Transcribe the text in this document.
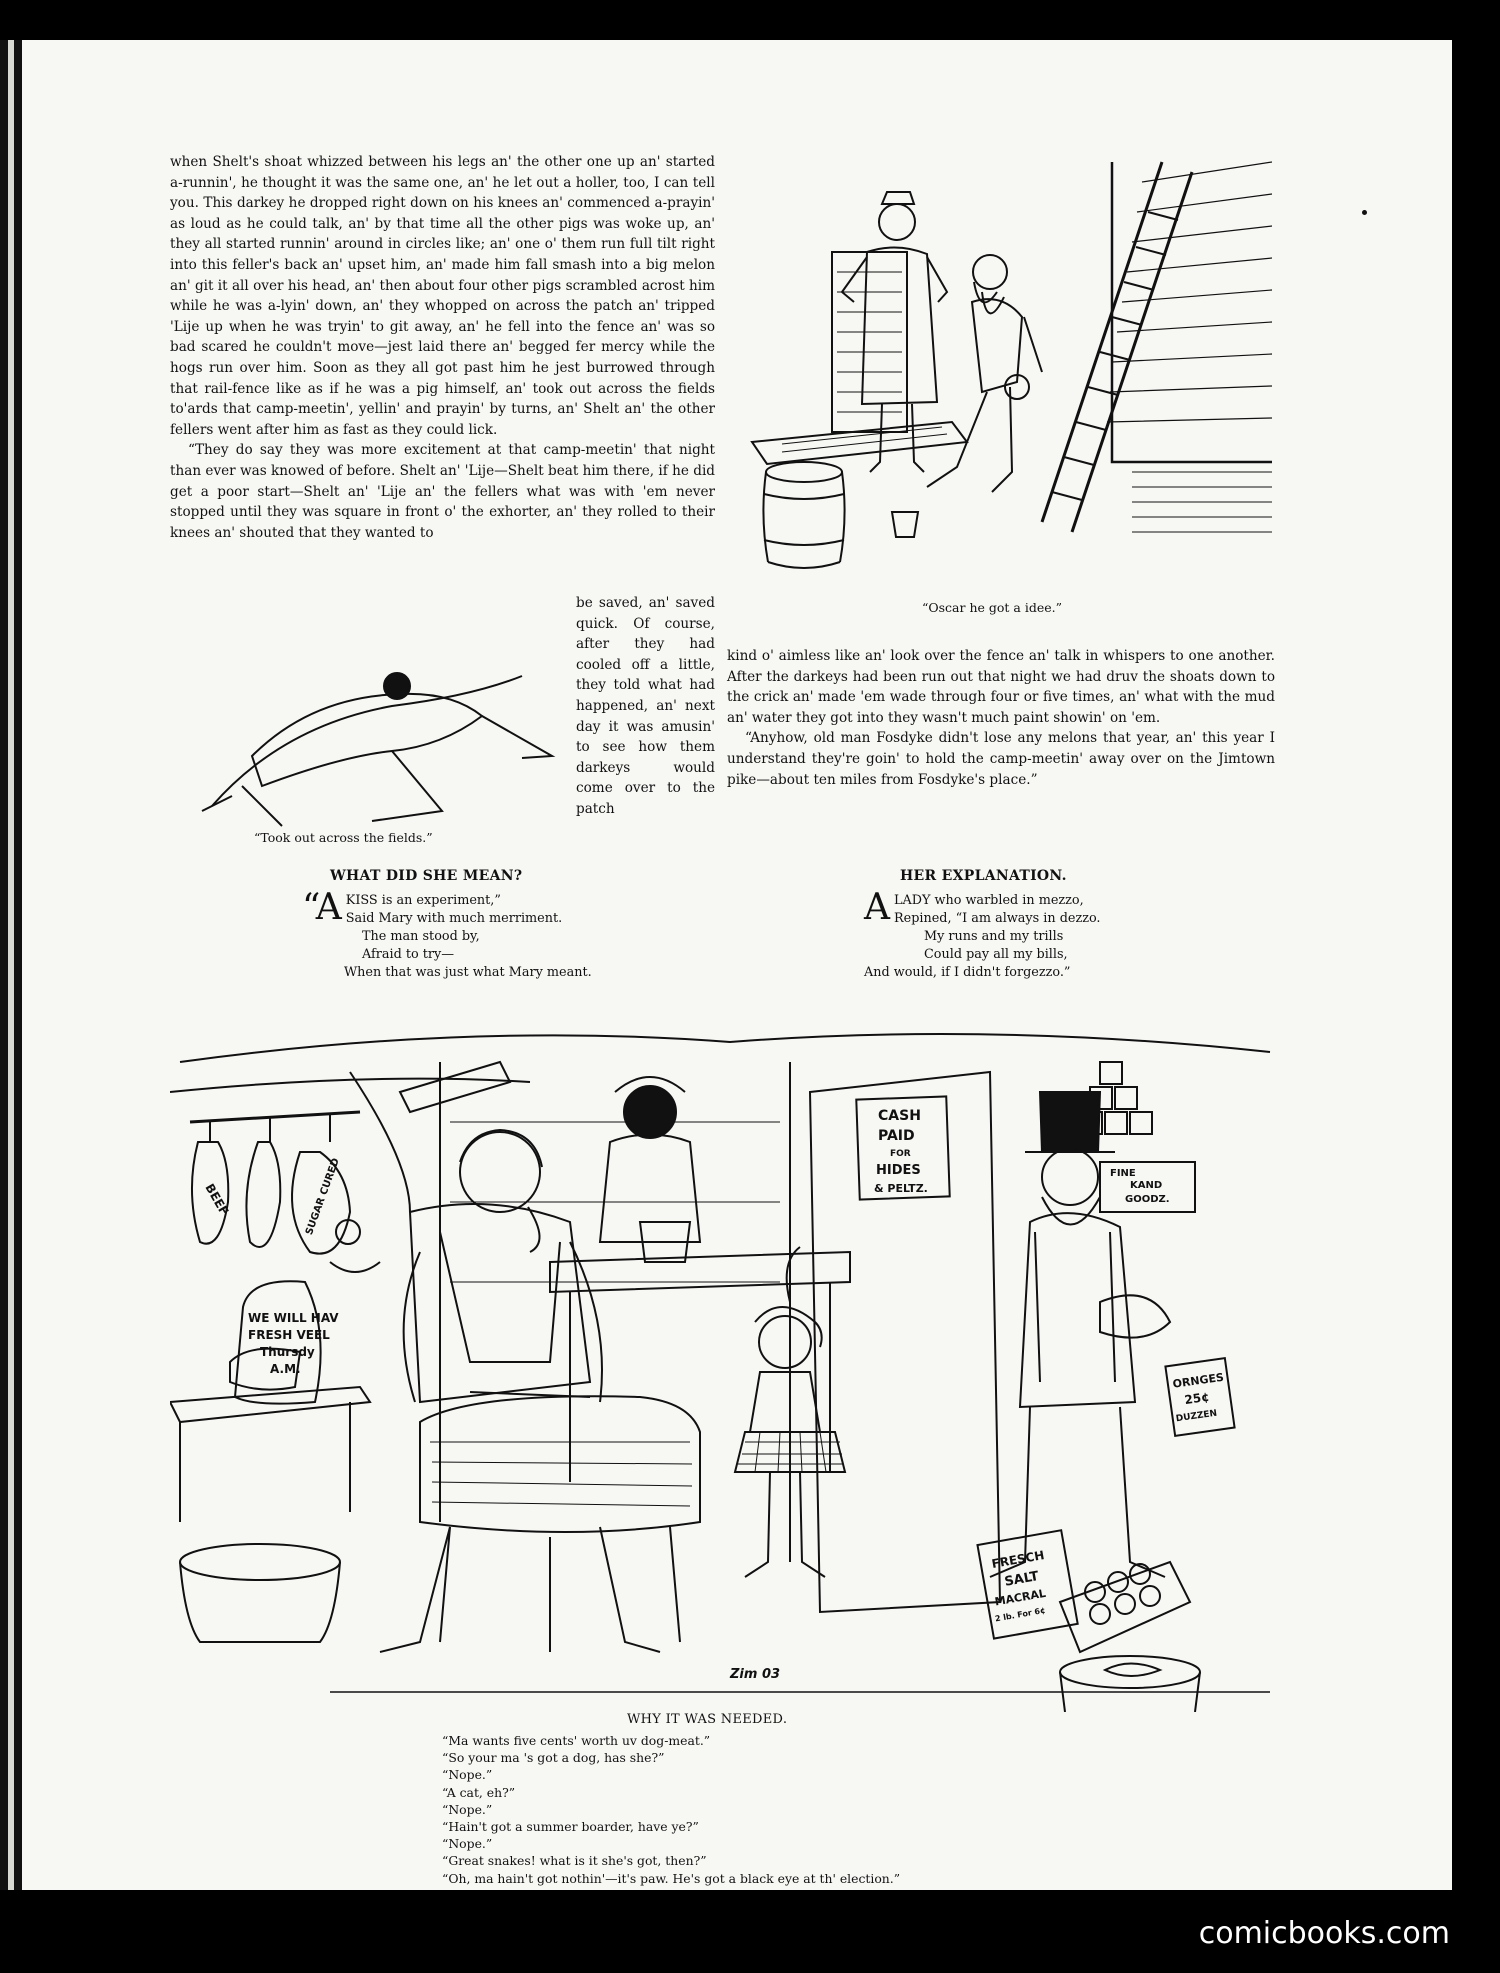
when Shelt's shoat whizzed between his legs an' the other one up an' started a-runnin', he thought it was the same one, an' he let out a holler, too, I can tell you. This darkey he dropped right down on his knees an' commenced a-prayin' as loud as he could talk, an' by that time all the other pigs was woke up, an' they all started runnin' around in circles like; an' one o' them run full tilt right into this feller's back an' upset him, an' made him fall smash into a big melon an' git it all over his head, an' then about four other pigs scrambled acrost him while he was a-lyin' down, an' they whopped on across the patch an' tripped 'Lije up when he was tryin' to git away, an' he fell into the fence an' was so bad scared he couldn't move—jest laid there an' begged fer mercy while the hogs run over him. Soon as they all got past him he jest burrowed through that rail-fence like as if he was a pig himself, an' took out across the fields to'ards that camp-meetin', yellin' and prayin' by turns, an' Shelt an' the other fellers went after him as fast as they could lick.

“They do say they was more excitement at that camp-meetin' that night than ever was knowed of before. Shelt an' 'Lije—Shelt beat him there, if he did get a poor start—Shelt an' 'Lije an' the fellers what was with 'em never stopped until they was square in front o' the exhorter, an' they rolled to their knees an' shouted that they wanted to

be saved, an' saved quick. Of course, after they had cooled off a little, they told what had happened, an' next day it was amusin' to see how them darkeys would come over to the patch

kind o' aimless like an' look over the fence an' talk in whispers to one another. After the darkeys had been run out that night we had druv the shoats down to the crick an' made 'em wade through four or five times, an' what with the mud an' water they got into they wasn't much paint showin' on 'em.

“Anyhow, old man Fosdyke didn't lose any melons that year, an' this year I understand they're goin' to hold the camp-meetin' away over on the Jimtown pike—about ten miles from Fosdyke's place.”

“Oscar he got a idee.”
“Took out across the fields.”
WHAT DID SHE MEAN?
“A KISS is an experiment,”
Said Mary with much merriment.
The man stood by,
Afraid to try—
When that was just what Mary meant.
HER EXPLANATION.
A LADY who warbled in mezzo,
Repined, “I am always in dezzo.
My runs and my trills
Could pay all my bills,
And would, if I didn't forgezzo.”
BEEF	SUGAR CURED
WE WILL HAV
FRESH VEEL
Thursdy
A.M.
CASH
PAID
FOR
HIDES
& PELTZ.
FINE
KAND
GOODZ.
ORNGES
25¢
DUZZEN
FRESCH
SALT
MACRAL
2 lb. For 6¢
Zim 03
WHY IT WAS NEEDED.
“Ma wants five cents' worth uv dog-meat.”
“So your ma 's got a dog, has she?”
“Nope.”
“A cat, eh?”
“Nope.”
“Hain't got a summer boarder, have ye?”
“Nope.”
“Great snakes! what is it she's got, then?”
“Oh, ma hain't got nothin'—it's paw. He's got a black eye at th' election.”
comicbooks.com
